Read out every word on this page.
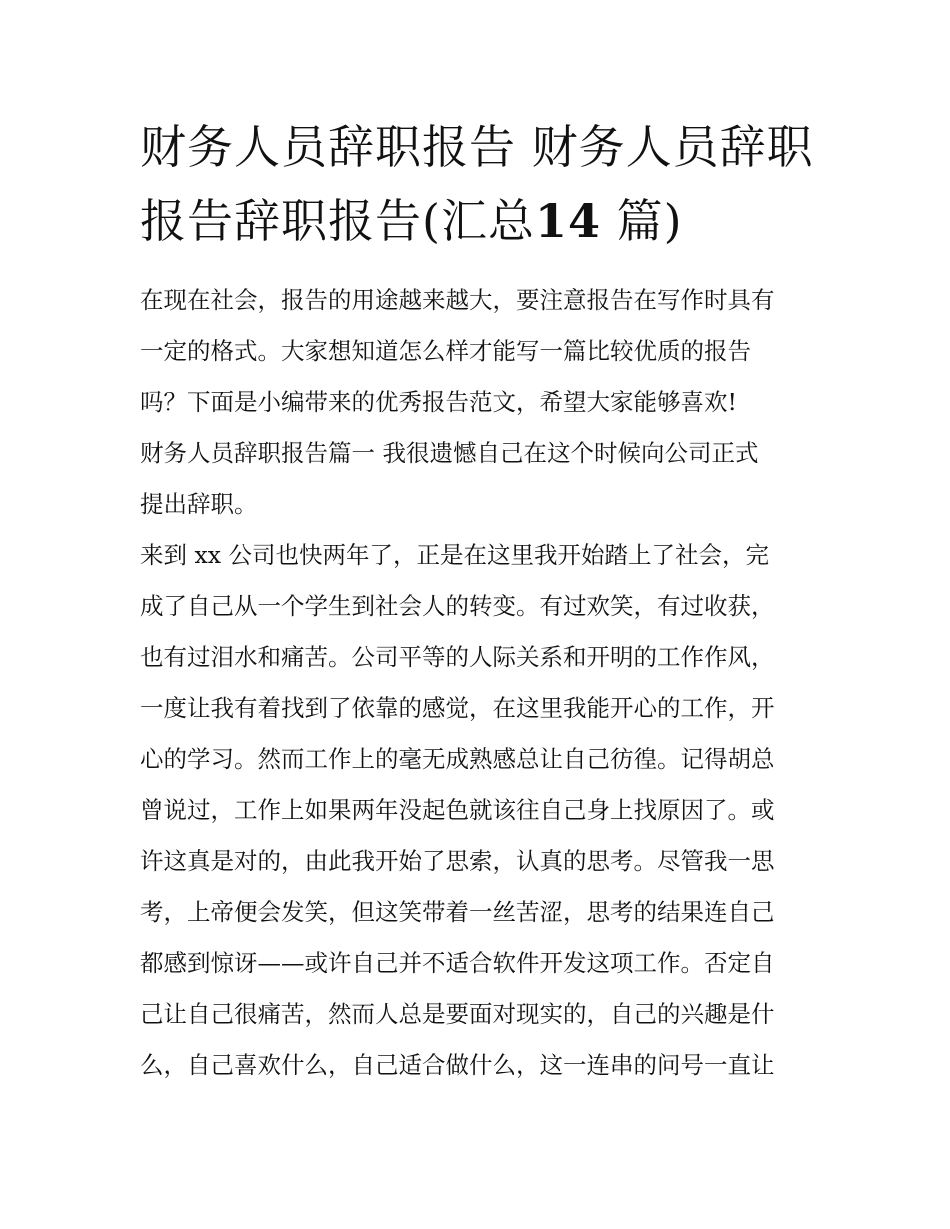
财务人员辞职报告 财务人员辞职报告辞职报告(汇总14 篇)
在现在社会，报告的用途越来越大，要注意报告在写作时具有
一定的格式。大家想知道怎么样才能写一篇比较优质的报告
吗？下面是小编带来的优秀报告范文，希望大家能够喜欢!
财务人员辞职报告篇一 我很遗憾自己在这个时候向公司正式
提出辞职。
来到 xx 公司也快两年了，正是在这里我开始踏上了社会，完
成了自己从一个学生到社会人的转变。有过欢笑，有过收获，
也有过泪水和痛苦。公司平等的人际关系和开明的工作作风，
一度让我有着找到了依靠的感觉，在这里我能开心的工作，开
心的学习。然而工作上的毫无成熟感总让自己彷徨。记得胡总
曾说过，工作上如果两年没起色就该往自己身上找原因了。或
许这真是对的，由此我开始了思索，认真的思考。尽管我一思
考，上帝便会发笑，但这笑带着一丝苦涩，思考的结果连自己
都感到惊讶——或许自己并不适合软件开发这项工作。否定自
己让自己很痛苦，然而人总是要面对现实的，自己的兴趣是什
么，自己喜欢什么，自己适合做什么，这一连串的问号一直让
